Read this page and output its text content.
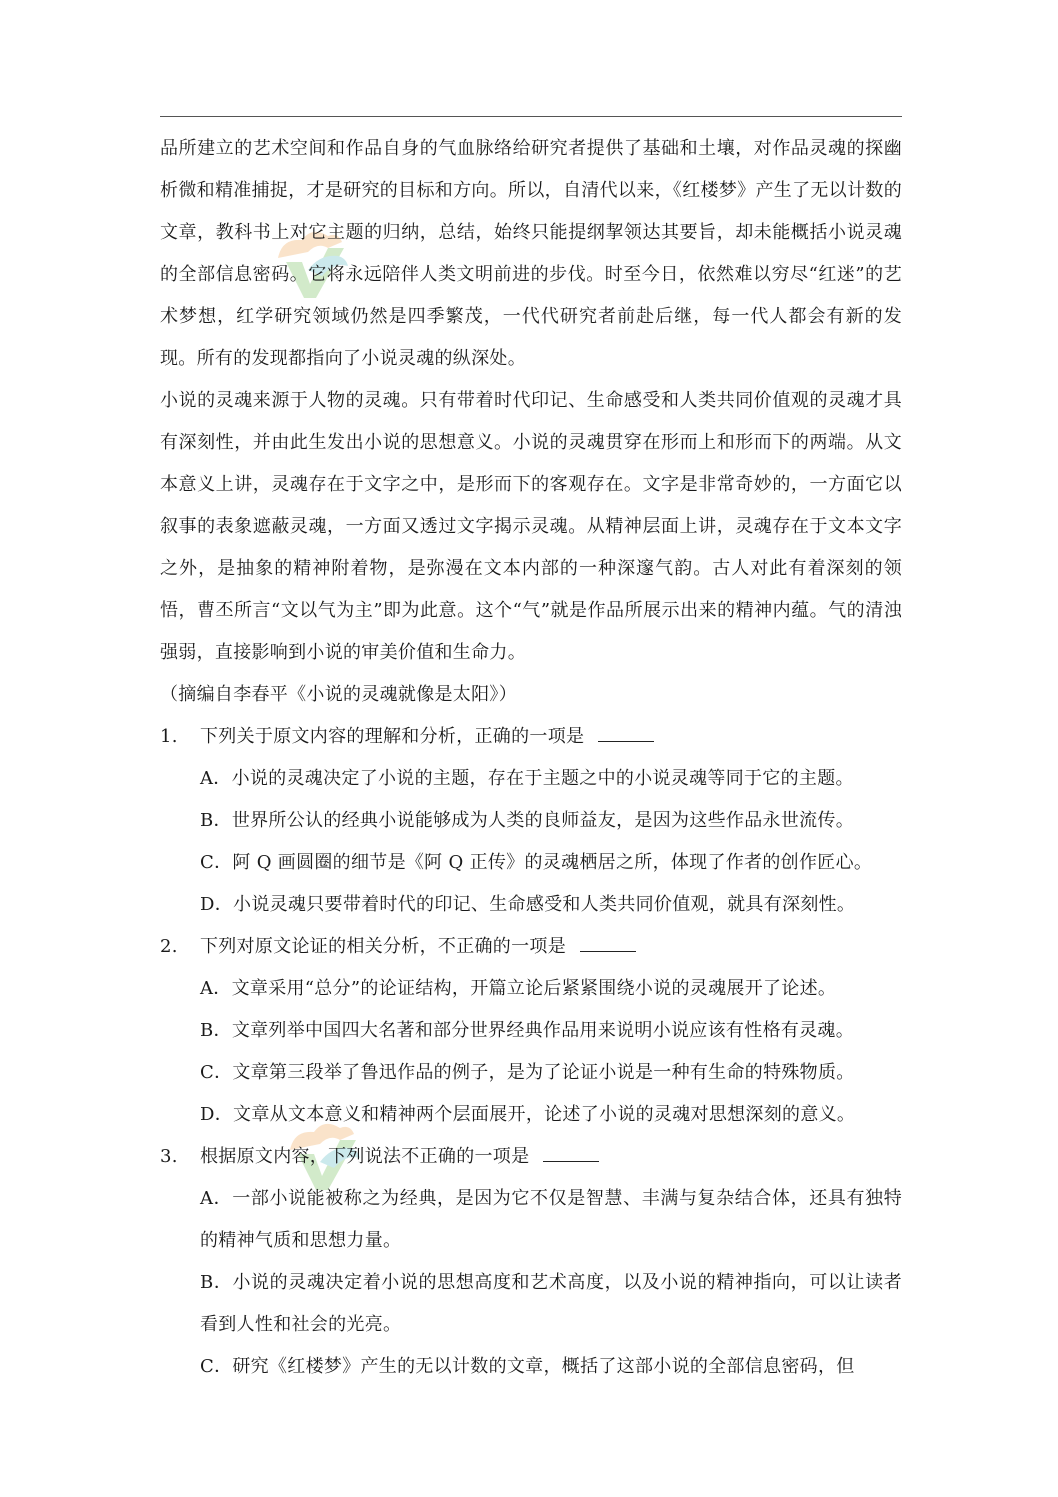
品所建立的艺术空间和作品自身的气血脉络给研究者提供了基础和土壤，对作品灵魂的探幽析微和精准捕捉，才是研究的目标和方向。所以，自清代以来，《红楼梦》产生了无以计数的文章，教科书上对它主题的归纳，总结，始终只能提纲挈领达其要旨，却未能概括小说灵魂的全部信息密码。它将永远陪伴人类文明前进的步伐。时至今日，依然难以穷尽“红迷”的艺术梦想，红学研究领域仍然是四季繁茂，一代代研究者前赴后继，每一代人都会有新的发现。所有的发现都指向了小说灵魂的纵深处。

小说的灵魂来源于人物的灵魂。只有带着时代印记、生命感受和人类共同价值观的灵魂才具有深刻性，并由此生发出小说的思想意义。小说的灵魂贯穿在形而上和形而下的两端。从文本意义上讲，灵魂存在于文字之中，是形而下的客观存在。文字是非常奇妙的，一方面它以叙事的表象遮蔽灵魂，一方面又透过文字揭示灵魂。从精神层面上讲，灵魂存在于文本文字之外，是抽象的精神附着物，是弥漫在文本内部的一种深邃气韵。古人对此有着深刻的领悟，曹丕所言“文以气为主”即为此意。这个“气”就是作品所展示出来的精神内蕴。气的清浊强弱，直接影响到小说的审美价值和生命力。

（摘编自李春平《小说的灵魂就像是太阳》）

1.	下列关于原文内容的理解和分析，正确的一项是

A．小说的灵魂决定了小说的主题，存在于主题之中的小说灵魂等同于它的主题。

B．世界所公认的经典小说能够成为人类的良师益友，是因为这些作品永世流传。

C．阿 Q 画圆圈的细节是《阿 Q 正传》的灵魂栖居之所，体现了作者的创作匠心。

D．小说灵魂只要带着时代的印记、生命感受和人类共同价值观，就具有深刻性。

2.	下列对原文论证的相关分析，不正确的一项是

A．文章采用“总分”的论证结构，开篇立论后紧紧围绕小说的灵魂展开了论述。

B．文章列举中国四大名著和部分世界经典作品用来说明小说应该有性格有灵魂。

C．文章第三段举了鲁迅作品的例子，是为了论证小说是一种有生命的特殊物质。

D．文章从文本意义和精神两个层面展开，论述了小说的灵魂对思想深刻的意义。

3.	根据原文内容，下列说法不正确的一项是

A．一部小说能被称之为经典，是因为它不仅是智慧、丰满与复杂结合体，还具有独特的精神气质和思想力量。

B．小说的灵魂决定着小说的思想高度和艺术高度，以及小说的精神指向，可以让读者看到人性和社会的光亮。

C．研究《红楼梦》产生的无以计数的文章，概括了这部小说的全部信息密码，但
